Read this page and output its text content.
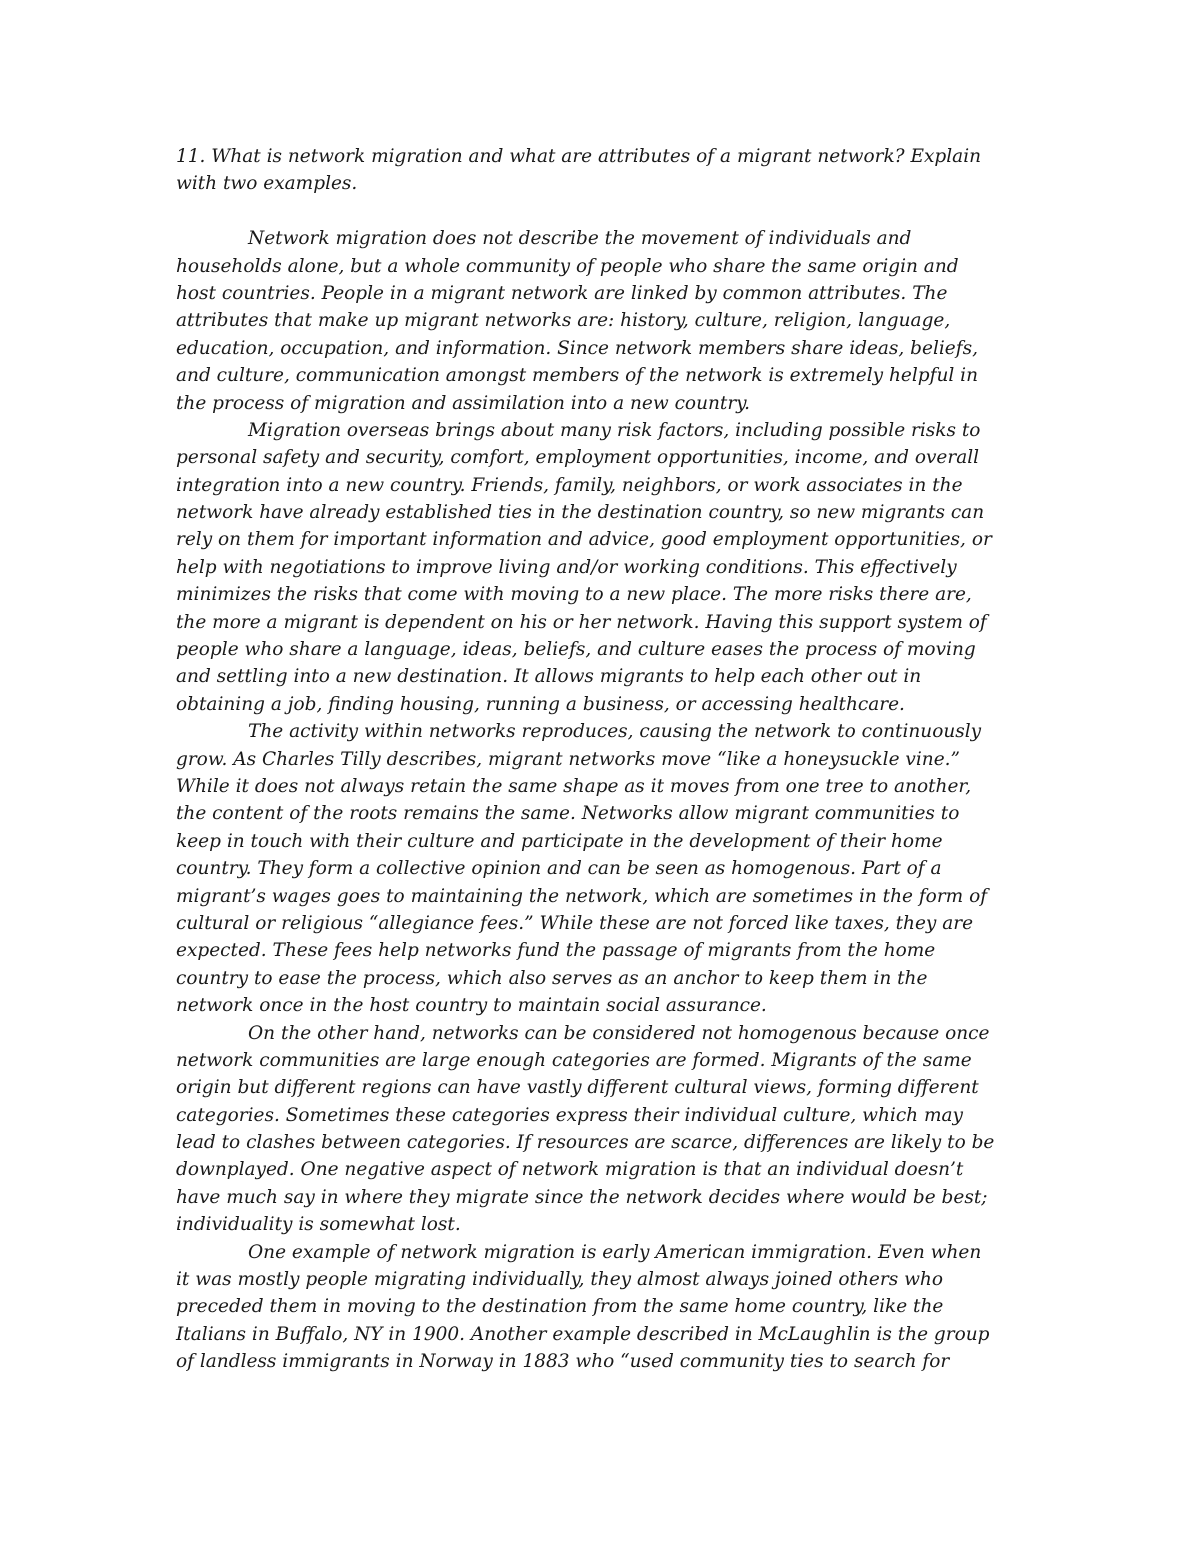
11. What is network migration and what are attributes of a migrant network? Explain
with two examples.
Network migration does not describe the movement of individuals and
households alone, but a whole community of people who share the same origin and
host countries. People in a migrant network are linked by common attributes. The
attributes that make up migrant networks are: history, culture, religion, language,
education, occupation, and information. Since network members share ideas, beliefs,
and culture, communication amongst members of the network is extremely helpful in
the process of migration and assimilation into a new country.
Migration overseas brings about many risk factors, including possible risks to
personal safety and security, comfort, employment opportunities, income, and overall
integration into a new country. Friends, family, neighbors, or work associates in the
network have already established ties in the destination country, so new migrants can
rely on them for important information and advice, good employment opportunities, or
help with negotiations to improve living and/or working conditions. This effectively
minimizes the risks that come with moving to a new place. The more risks there are,
the more a migrant is dependent on his or her network. Having this support system of
people who share a language, ideas, beliefs, and culture eases the process of moving
and settling into a new destination. It allows migrants to help each other out in
obtaining a job, finding housing, running a business, or accessing healthcare.
The activity within networks reproduces, causing the network to continuously
grow. As Charles Tilly describes, migrant networks move “like a honeysuckle vine.”
While it does not always retain the same shape as it moves from one tree to another,
the content of the roots remains the same. Networks allow migrant communities to
keep in touch with their culture and participate in the development of their home
country. They form a collective opinion and can be seen as homogenous. Part of a
migrant’s wages goes to maintaining the network, which are sometimes in the form of
cultural or religious “allegiance fees.” While these are not forced like taxes, they are
expected. These fees help networks fund the passage of migrants from the home
country to ease the process, which also serves as an anchor to keep them in the
network once in the host country to maintain social assurance.
On the other hand, networks can be considered not homogenous because once
network communities are large enough categories are formed. Migrants of the same
origin but different regions can have vastly different cultural views, forming different
categories. Sometimes these categories express their individual culture, which may
lead to clashes between categories. If resources are scarce, differences are likely to be
downplayed. One negative aspect of network migration is that an individual doesn’t
have much say in where they migrate since the network decides where would be best;
individuality is somewhat lost.
One example of network migration is early American immigration. Even when
it was mostly people migrating individually, they almost always joined others who
preceded them in moving to the destination from the same home country, like the
Italians in Buffalo, NY in 1900. Another example described in McLaughlin is the group
of landless immigrants in Norway in 1883 who “used community ties to search for
